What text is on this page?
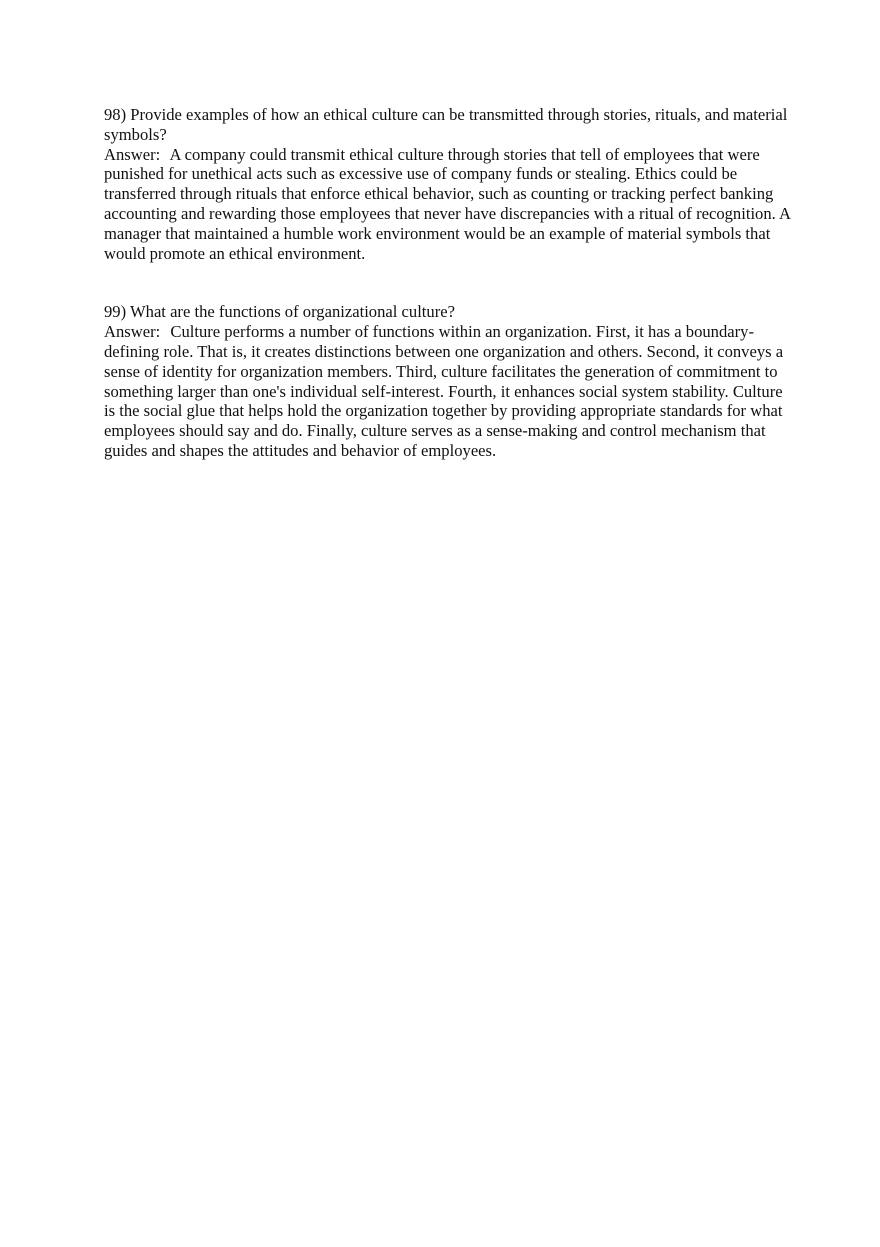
98) Provide examples of how an ethical culture can be transmitted through stories, rituals, and material symbols?

Answer: A company could transmit ethical culture through stories that tell of employees that were punished for unethical acts such as excessive use of company funds or stealing. Ethics could be transferred through rituals that enforce ethical behavior, such as counting or tracking perfect banking accounting and rewarding those employees that never have discrepancies with a ritual of recognition. A manager that maintained a humble work environment would be an example of material symbols that would promote an ethical environment.

99) What are the functions of organizational culture?

Answer: Culture performs a number of functions within an organization. First, it has a boundary-defining role. That is, it creates distinctions between one organization and others. Second, it conveys a sense of identity for organization members. Third, culture facilitates the generation of commitment to something larger than one's individual self-interest. Fourth, it enhances social system stability. Culture is the social glue that helps hold the organization together by providing appropriate standards for what employees should say and do. Finally, culture serves as a sense-making and control mechanism that guides and shapes the attitudes and behavior of employees.
